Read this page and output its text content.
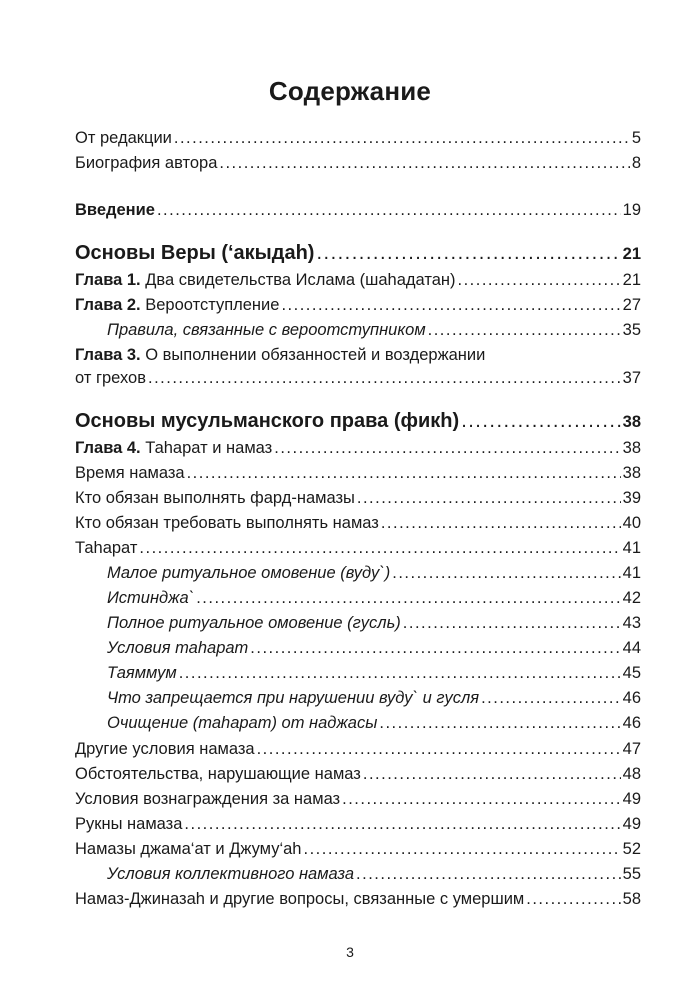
Содержание
От редакции .....	5
Биография автора .....	8
Введение .....	19
Основы Веры (‘акыдаh) .....	21
Глава 1. Два свидетельства Ислама (шаhадатан) .....	21
Глава 2. Вероотступление .....	27
Правила, связанные с вероотступником .....	35
Глава 3. О выполнении обязанностей и воздержании
от грехов .....	37
Основы мусульманского права (фикh) .....	38
Глава 4. Таhарат и намаз .....	38
Время намаза .....	38
Кто обязан выполнять фард-намазы .....	39
Кто обязан требовать выполнять намаз .....	40
Таhарат .....	41
Малое ритуальное омовение (вуду`) .....	41
Истинджа` .....	42
Полное ритуальное омовение (гусль) .....	43
Условия таhарат .....	44
Таяммум .....	45
Что запрещается при нарушении вуду` и гусля .....	46
Очищение (таhарат) от наджасы .....	46
Другие условия намаза .....	47
Обстоятельства, нарушающие намаз .....	48
Условия вознаграждения за намаз .....	49
Рукны намаза .....	49
Намазы джама‘ат и Джуму‘аh .....	52
Условия коллективного намаза .....	55
Намаз-Джиназаh и другие вопросы, связанные с умершим .....	58
3
